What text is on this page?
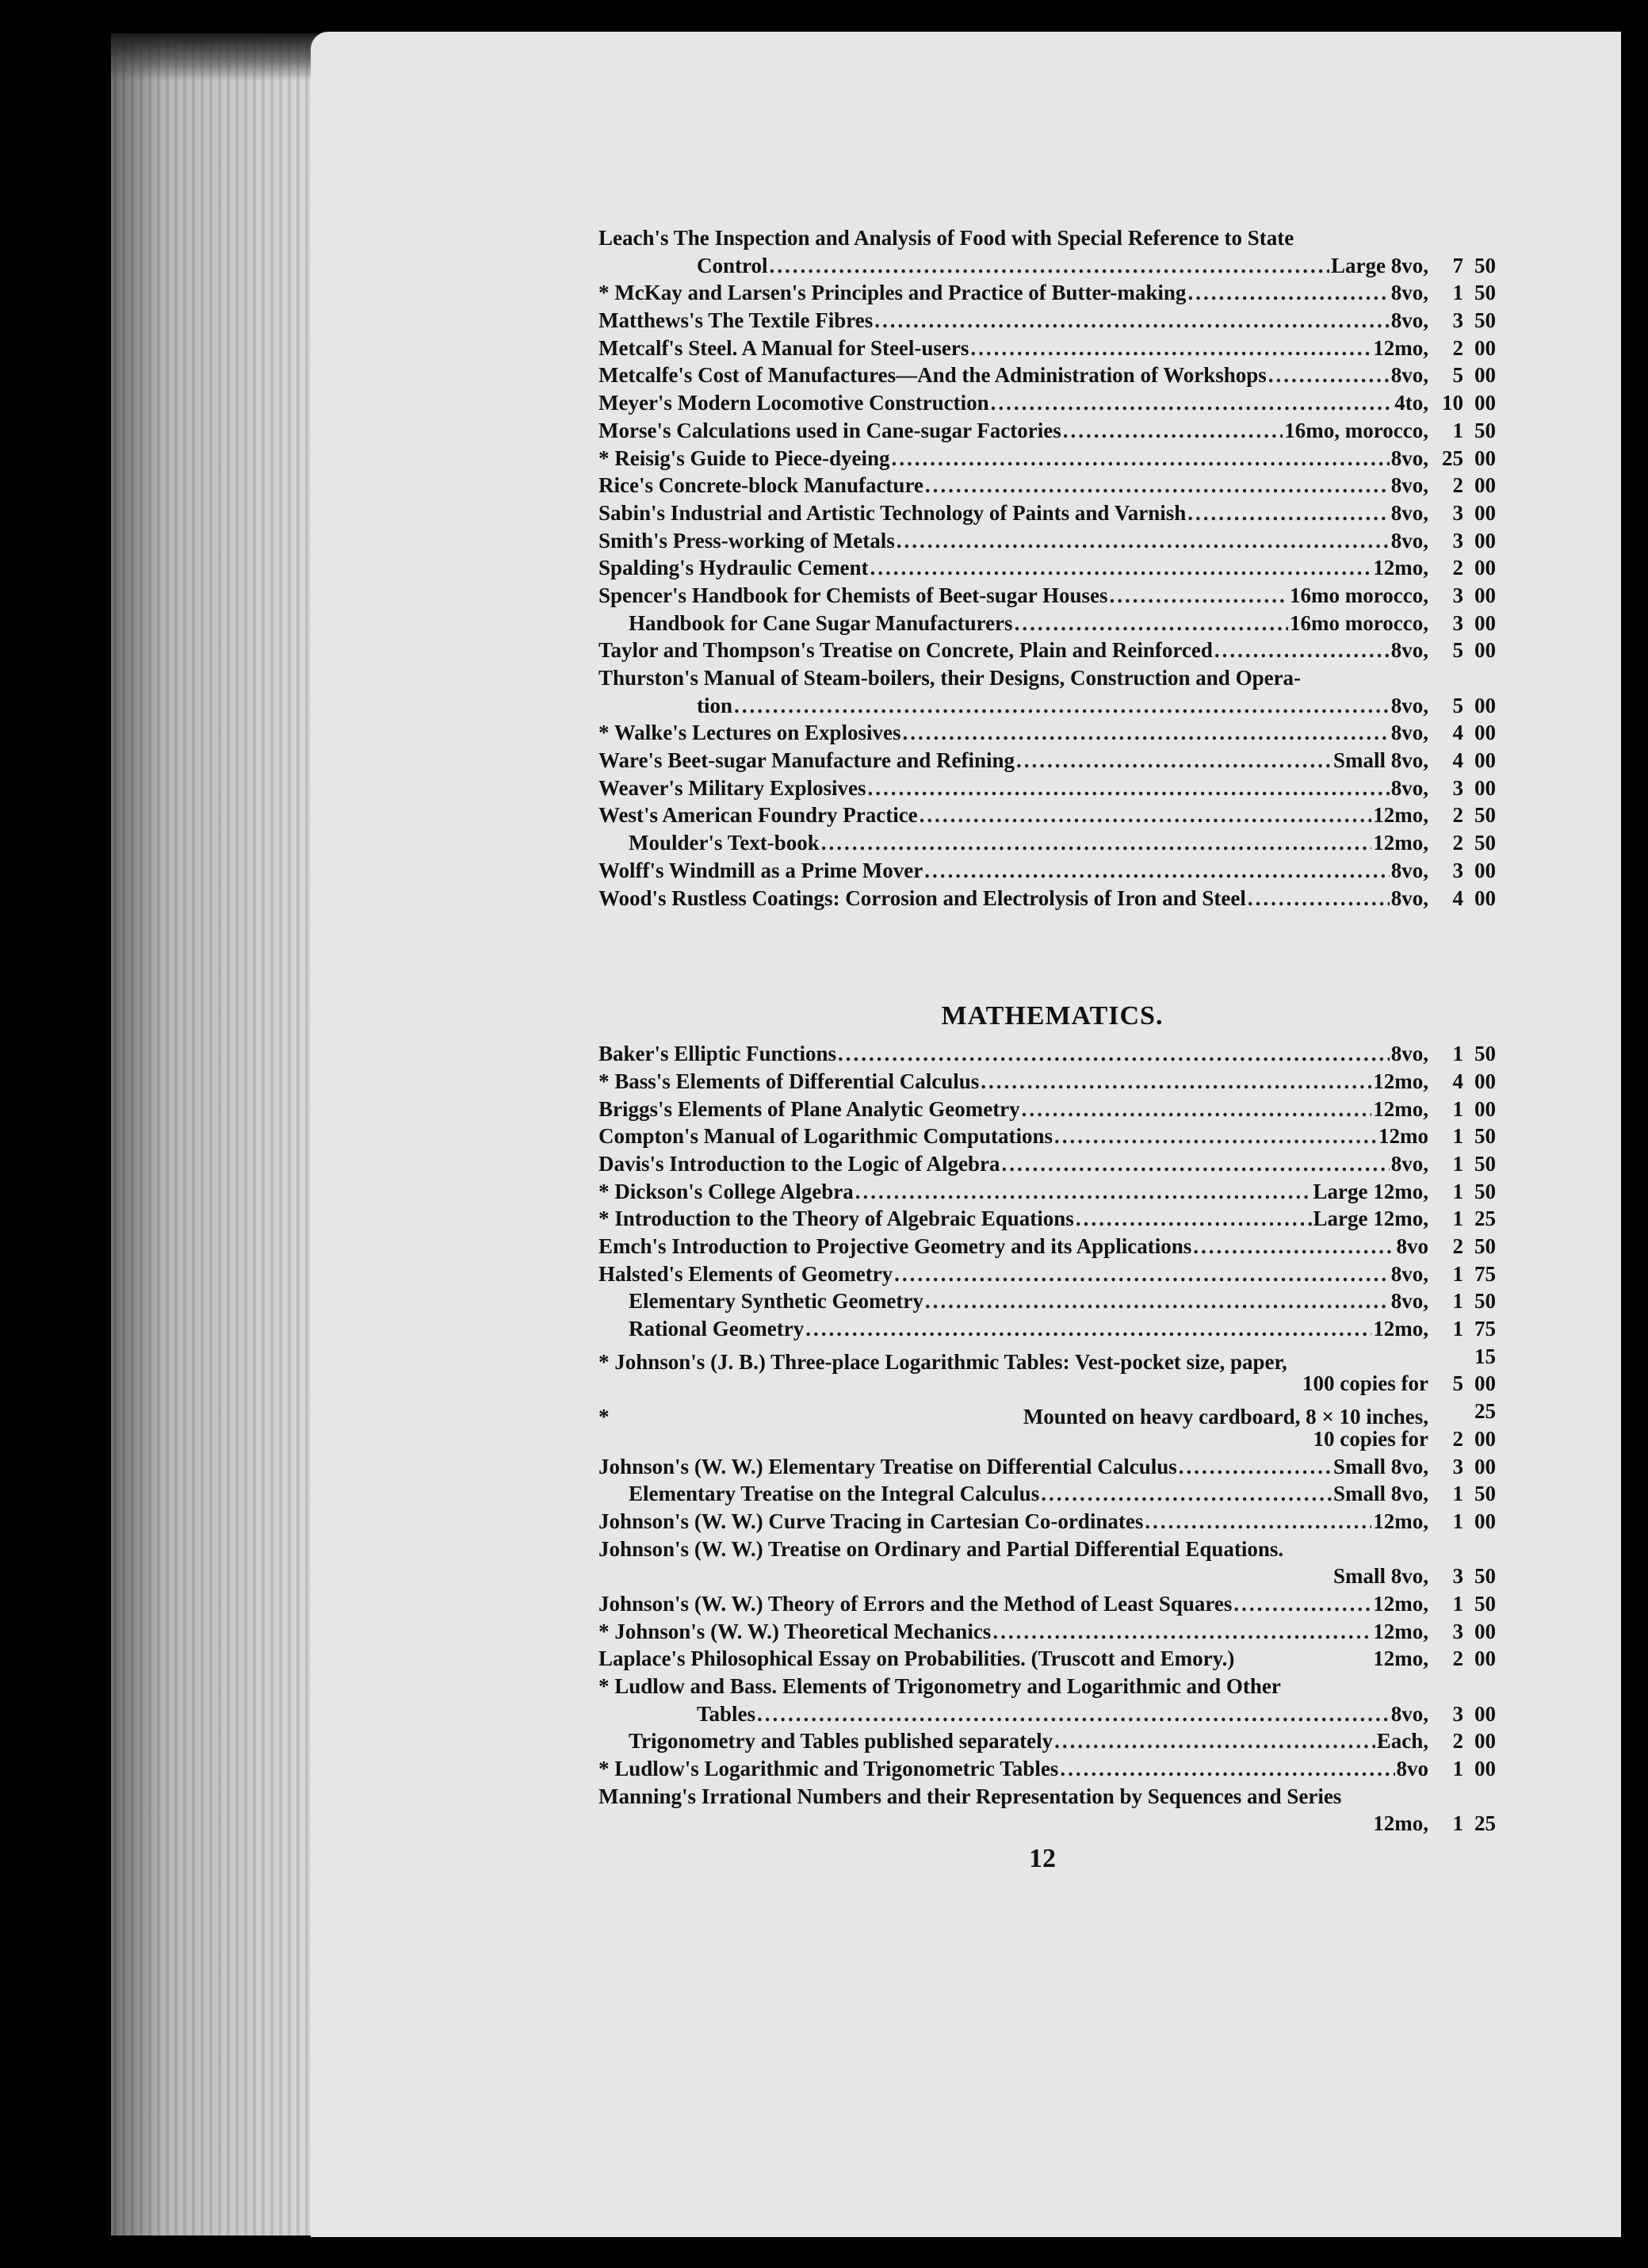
Leach's The Inspection and Analysis of Food with Special Reference to State
Control .....	Large 8vo,	7 50
* McKay and Larsen's Principles and Practice of Butter-making .....	8vo,	1 50
Matthews's The Textile Fibres .....	8vo,	3 50
Metcalf's Steel. A Manual for Steel-users .....	12mo,	2 00
Metcalfe's Cost of Manufactures—And the Administration of Workshops .....	8vo,	5 00
Meyer's Modern Locomotive Construction .....	4to, 10 00
Morse's Calculations used in Cane-sugar Factories .....	16mo, morocco,	1 50
* Reisig's Guide to Piece-dyeing .....	8vo, 25 00
Rice's Concrete-block Manufacture .....	8vo,	2 00
Sabin's Industrial and Artistic Technology of Paints and Varnish .....	8vo,	3 00
Smith's Press-working of Metals .....	8vo,	3 00
Spalding's Hydraulic Cement .....	12mo,	2 00
Spencer's Handbook for Chemists of Beet-sugar Houses .....	16mo morocco,	3 00
Handbook for Cane Sugar Manufacturers .....	16mo morocco,	3 00
Taylor and Thompson's Treatise on Concrete, Plain and Reinforced .....	8vo,	5 00
Thurston's Manual of Steam-boilers, their Designs, Construction and Opera-
tion .....	8vo,	5 00
* Walke's Lectures on Explosives .....	8vo,	4 00
Ware's Beet-sugar Manufacture and Refining .....	Small 8vo,	4 00
Weaver's Military Explosives .....	8vo,	3 00
West's American Foundry Practice .....	12mo,	2 50
Moulder's Text-book .....	12mo,	2 50
Wolff's Windmill as a Prime Mover .....	8vo,	3 00
Wood's Rustless Coatings: Corrosion and Electrolysis of Iron and Steel .....	8vo,	4 00
MATHEMATICS.
Baker's Elliptic Functions .....	8vo,	1 50
* Bass's Elements of Differential Calculus .....	12mo,	4 00
Briggs's Elements of Plane Analytic Geometry .....	12mo,	1 00
Compton's Manual of Logarithmic Computations .....	12mo	1 50
Davis's Introduction to the Logic of Algebra .....	8vo,	1 50
* Dickson's College Algebra .....	Large 12mo,	1 50
* Introduction to the Theory of Algebraic Equations .....	Large 12mo,	1 25
Emch's Introduction to Projective Geometry and its Applications .....	8vo	2 50
Halsted's Elements of Geometry .....	8vo,	1 75
Elementary Synthetic Geometry .....	8vo,	1 50
Rational Geometry .....	12mo,	1 75
* Johnson's (J. B.) Three-place Logarithmic Tables: Vest-pocket size, paper,	15
100 copies for	5 00
*	Mounted on heavy cardboard, 8 × 10 inches, 25
10 copies for	2 00
Johnson's (W. W.) Elementary Treatise on Differential Calculus .....	Small 8vo,	3 00
Elementary Treatise on the Integral Calculus .....	Small 8vo,	1 50
Johnson's (W. W.) Curve Tracing in Cartesian Co-ordinates .....	12mo,	1 00
Johnson's (W. W.) Treatise on Ordinary and Partial Differential Equations.
Small 8vo,	3 50
Johnson's (W. W.) Theory of Errors and the Method of Least Squares .....	12mo,	1 50
* Johnson's (W. W.) Theoretical Mechanics .....	12mo,	3 00
Laplace's Philosophical Essay on Probabilities. (Truscott and Emory.)	12mo,	2 00
* Ludlow and Bass. Elements of Trigonometry and Logarithmic and Other
Tables .....	8vo,	3 00
Trigonometry and Tables published separately .....	Each,	2 00
* Ludlow's Logarithmic and Trigonometric Tables .....	8vo	1 00
Manning's Irrational Numbers and their Representation by Sequences and Series
12mo,	1 25
12
